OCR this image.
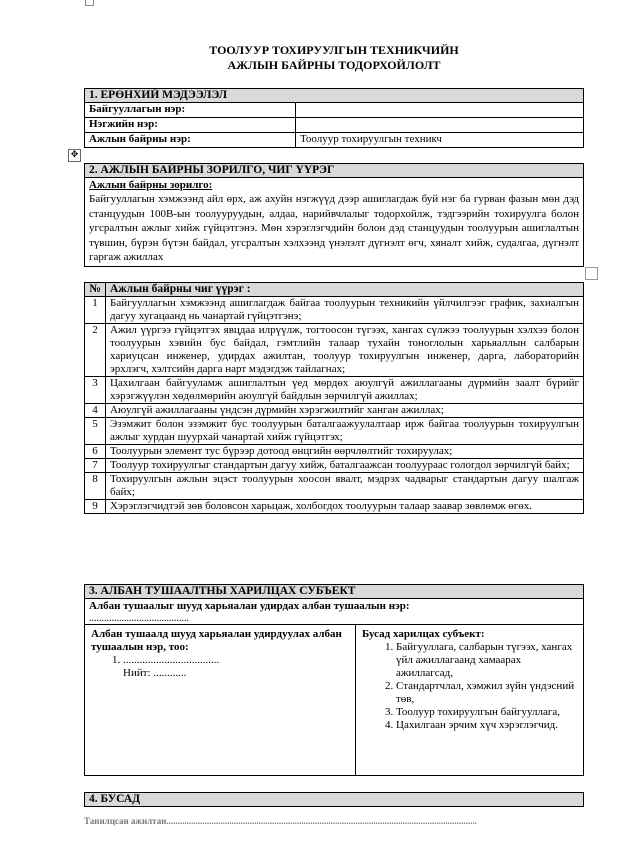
ТООЛУУР ТОХИРУУЛГЫН ТЕХНИКЧИЙН
АЖЛЫН БАЙРНЫ ТОДОРХОЙЛОЛТ
1. ЕРӨНХИЙ МЭДЭЭЛЭЛ	
Байгууллагын нэр:	
Нэгжийн нэр:	
Ажлын байрны нэр:	Тоолуур тохируулгын техникч
✥
2. АЖЛЫН БАЙРНЫ ЗОРИЛГО, ЧИГ ҮҮРЭГ

Ажлын байрны зорилго:
Байгууллагын хэмжээнд айл өрх, аж ахуйн нэгжүүд дээр ашиглагдаж буй нэг ба гурван фазын мөн дэд станцуудын 100В-ын тоолууруудын, алдаа, нарийвчлалыг тодорхойлж, тэдгээрийн тохируулга болон угсралтын ажлыг хийж гүйцэтгэнэ. Мөн хэрэглэгчдийн болон дэд станцуудын тоолуурын ашиглалтын түвшин, бүрэн бүтэн байдал, угсралтын хэлхээнд үнэлэлт дүгнэлт өгч, хяналт хийж, судалгаа, дүгнэлт гаргаж ажиллах
№	Ажлын байрны чиг үүрэг :
1	Байгууллагын хэмжээнд ашиглагдаж байгаа тоолуурын техникийн үйлчилгээг график, захиалгын дагуу хугацаанд нь чанартай гүйцэтгэнэ;
2	Ажил үүргээ гүйцэтгэх явцдаа илрүүлж, тогтоосон түгээх, хангах сүлжээ тоолуурын хэлхээ болон тоолуурын хэвийн бус байдал, гэмтлийн талаар тухайн тоноглолын харьяаллын салбарын хариуцсан инженер, удирдах ажилтан, тоолуур тохируулгын инженер, дарга, лабораторийн эрхлэгч, хэлтсийн дарга нарт мэдэгдэж тайлагнах;
3	Цахилгаан байгууламж ашиглалтын үед мөрдөх аюулгүй ажиллагааны дүрмийн заалт бүрийг хэрэгжүүлэн хөдөлмөрийн аюулгүй байдлын зөрчилгүй ажиллах;
4	Аюулгүй ажиллагааны үндсэн дүрмийн хэрэгжилтийг ханган ажиллах;
5	Эзэмжит болон эзэмжит бус тоолуурын баталгаажуулалтаар ирж байгаа тоолуурын тохируулгын ажлыг хурдан шуурхай чанартай хийж гүйцэтгэх;
6	Тоолуурын элемент тус бүрээр дотоод өнцгийн өөрчлөлтийг тохируулах;
7	Тоолуур тохируулгыг стандартын дагуу хийж, баталгаажсан тоолуураас гологдол зөрчилгүй байх;
8	Тохируулгын ажлын эцэст тоолуурын хоосон явалт, мэдрэх чадварыг стандартын дагуу шалгаж байх;
9	Хэрэглэгчидтэй зөв боловсон харьцаж, холбогдох тоолуурын талаар заавар зөвлөмж өгөх.
3. АЛБАН ТУШААЛТНЫ ХАРИЛЦАХ СУБЪЕКТ

Албан тушаалыг шууд харьяалан удирдах албан тушаалын нэр:
........................................

Албан тушаалд шууд харьяалан удирдуулах албан тушаалын нэр, тоо:
1. ...................................
Нийт: ............

Бусад харилцах субъект:
1. Байгууллага, салбарын түгээх, хангах үйл ажиллагаанд хамаарах ажиллагсад,
2. Стандартчлал, хэмжил зүйн үндэсний төв,
3. Тоолуур тохируулгын байгууллага,
4. Цахилгаан эрчим хүч хэрэглэгчид.
4. БУСАД
Танилцсан ажилтан..........................................................................................................................................
